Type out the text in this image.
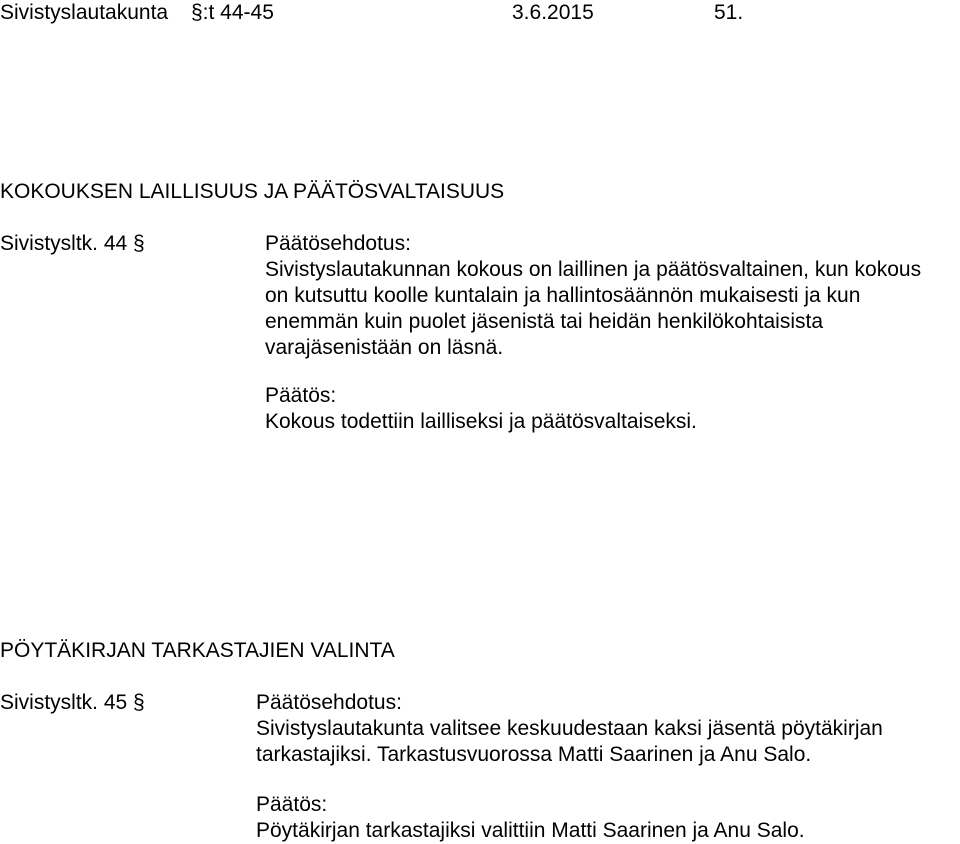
Sivistyslautakunta §:t 44-45	3.6.2015	51.
KOKOUKSEN LAILLISUUS JA PÄÄTÖSVALTAISUUS
Sivistysltk. 44 §	Päätösehdotus:
Sivistyslautakunnan kokous on laillinen ja päätösvaltainen, kun kokous
on kutsuttu koolle kuntalain ja hallintosäännön mukaisesti ja kun
enemmän kuin puolet jäsenistä tai heidän henkilökohtaisista
varajäsenistään on läsnä.
Päätös:
Kokous todettiin lailliseksi ja päätösvaltaiseksi.
PÖYTÄKIRJAN TARKASTAJIEN VALINTA
Sivistysltk. 45 §	Päätösehdotus:
Sivistyslautakunta valitsee keskuudestaan kaksi jäsentä pöytäkirjan
tarkastajiksi. Tarkastusvuorossa Matti Saarinen ja Anu Salo.
Päätös:
Pöytäkirjan tarkastajiksi valittiin Matti Saarinen ja Anu Salo.
